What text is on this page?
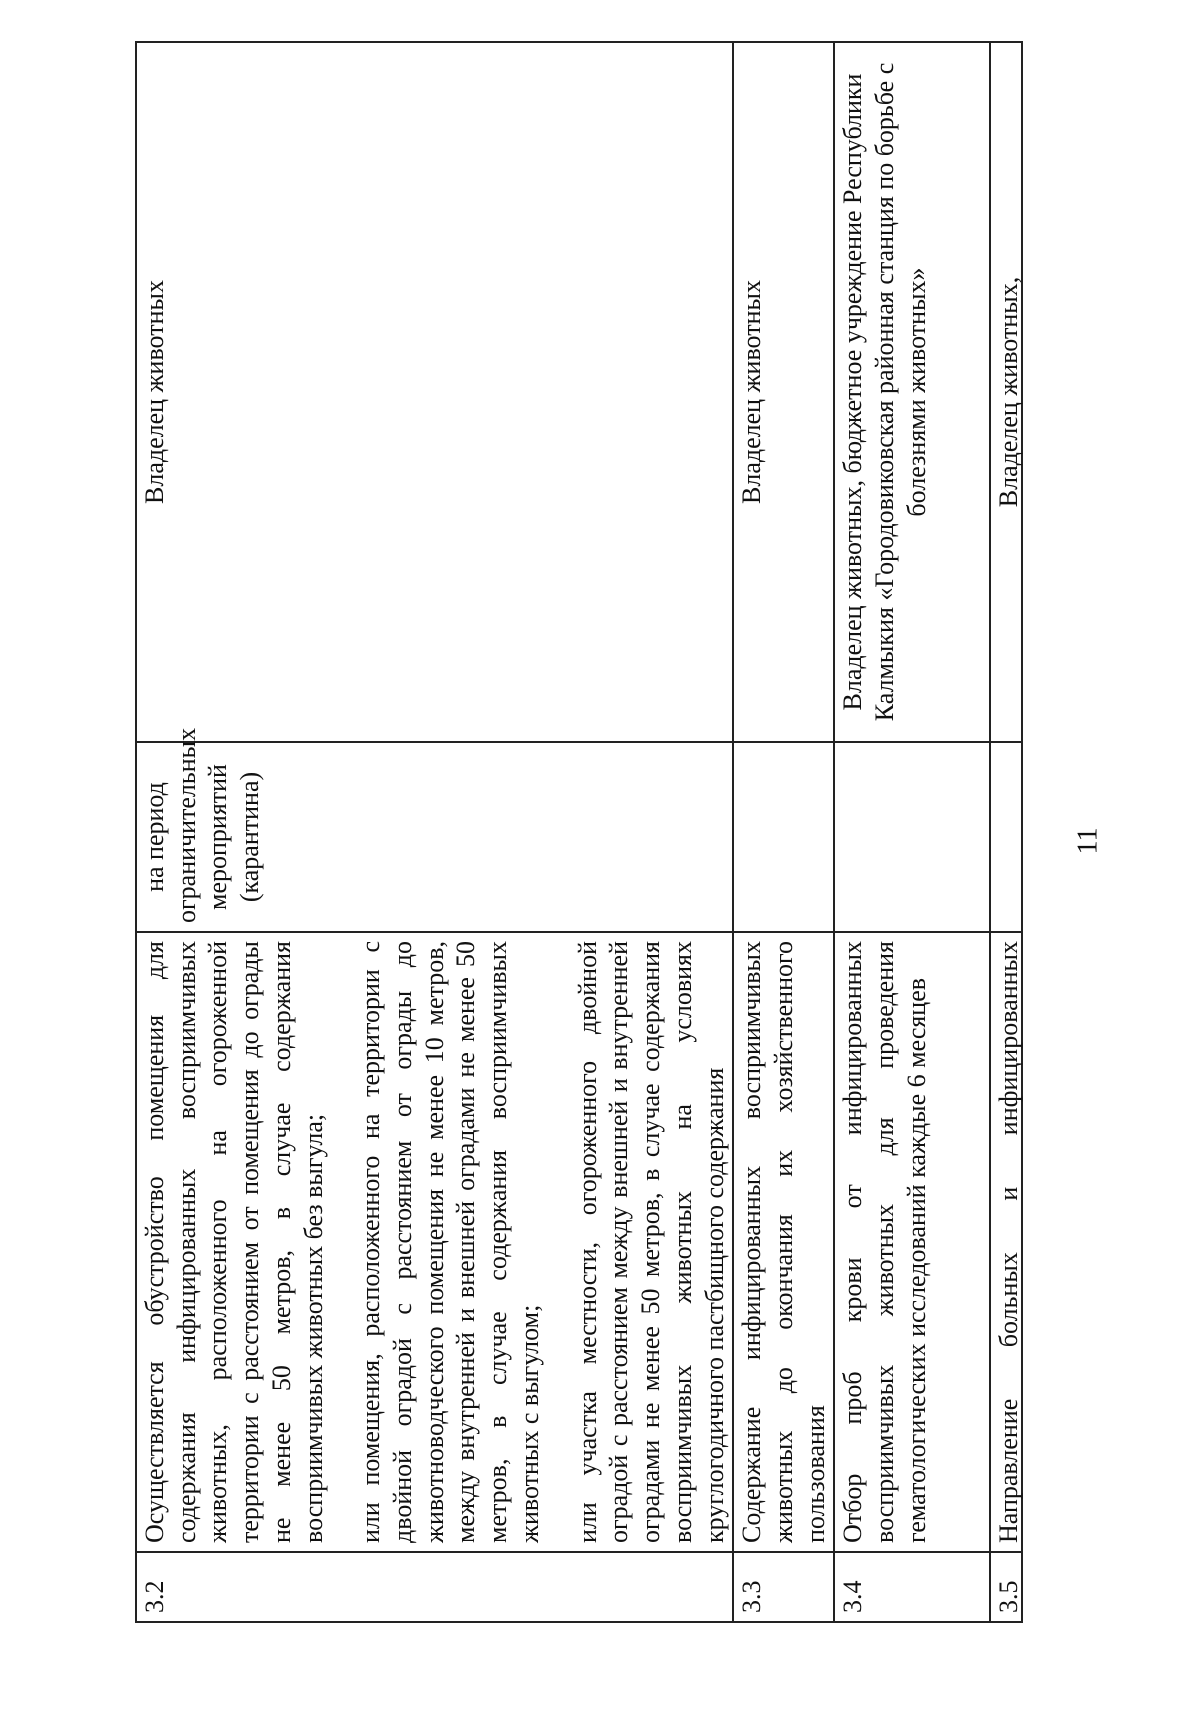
3.2	Осуществляется обустройство помещения для содержания инфицированных восприимчивых животных, расположенного на огороженной территории с расстоянием от помещения до ограды не менее 50 метров, в случае содержания восприимчивых животных без выгула; или помещения, расположенного на территории с двойной оградой с расстоянием от ограды до животноводческого помещения не менее 10 метров, между внутренней и внешней оградами не менее 50 метров, в случае содержания восприимчивых животных с выгулом; или участка местности, огороженного двойной оградой с расстоянием между внешней и внутренней оградами не менее 50 метров, в случае содержания восприимчивых животных на условиях круглогодичного пастбищного содержания	на период ограничительных мероприятий (карантина)	Владелец животных
3.3	Содержание инфицированных восприимчивых животных до окончания их хозяйственного пользования		Владелец животных
3.4	Отбор проб крови от инфицированных восприимчивых животных для проведения гематологических исследований каждые 6 месяцев		Владелец животных, бюджетное учреждение Республики Калмыкия «Городовиковская районная станция по борьбе с болезнями животных»

3.5	Направление больных и инфицированных		Владелец животных,
11
